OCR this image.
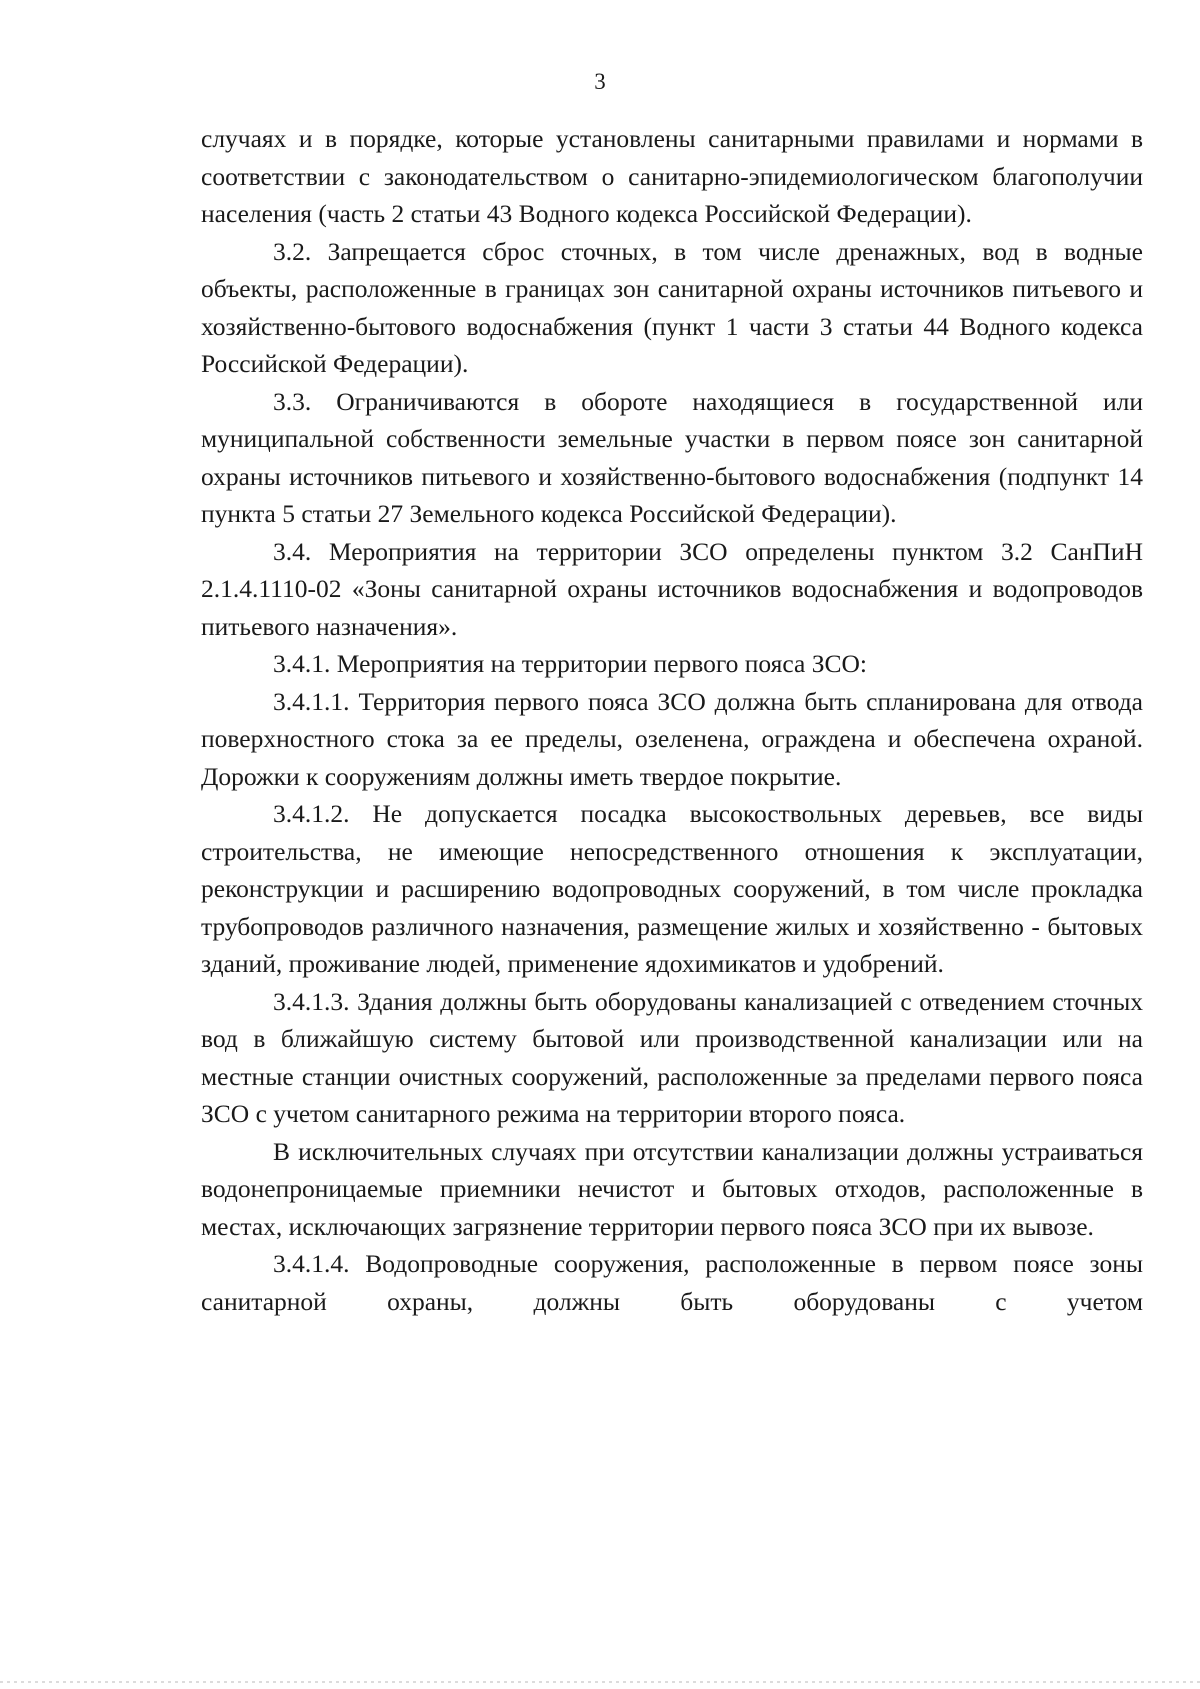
3

случаях и в порядке, которые установлены санитарными правилами и нормами в соответствии с законодательством о санитарно-эпидемиологическом благополучии населения (часть 2 статьи 43 Водного кодекса Российской Федерации).

3.2. Запрещается сброс сточных, в том числе дренажных, вод в водные объекты, расположенные в границах зон санитарной охраны источников питьевого и хозяйственно-бытового водоснабжения (пункт 1 части 3 статьи 44 Водного кодекса Российской Федерации).

3.3. Ограничиваются в обороте находящиеся в государственной или муниципальной собственности земельные участки в первом поясе зон санитарной охраны источников питьевого и хозяйственно-бытового водоснабжения (подпункт 14 пункта 5 статьи 27 Земельного кодекса Российской Федерации).

3.4. Мероприятия на территории ЗСО определены пунктом 3.2 СанПиН 2.1.4.1110-02 «Зоны санитарной охраны источников водоснабжения и водопроводов питьевого назначения».

3.4.1. Мероприятия на территории первого пояса ЗСО:

3.4.1.1. Территория первого пояса ЗСО должна быть спланирована для отвода поверхностного стока за ее пределы, озеленена, ограждена и обеспечена охраной. Дорожки к сооружениям должны иметь твердое покрытие.

3.4.1.2. Не допускается посадка высокоствольных деревьев, все виды строительства, не имеющие непосредственного отношения к эксплуатации, реконструкции и расширению водопроводных сооружений, в том числе прокладка трубопроводов различного назначения, размещение жилых и хозяйственно - бытовых зданий, проживание людей, применение ядохимикатов и удобрений.

3.4.1.3. Здания должны быть оборудованы канализацией с отведением сточных вод в ближайшую систему бытовой или производственной канализации или на местные станции очистных сооружений, расположенные за пределами первого пояса ЗСО с учетом санитарного режима на территории второго пояса.

В исключительных случаях при отсутствии канализации должны устраиваться водонепроницаемые приемники нечистот и бытовых отходов, расположенные в местах, исключающих загрязнение территории первого пояса ЗСО при их вывозе.

3.4.1.4. Водопроводные сооружения, расположенные в первом поясе зоны санитарной охраны, должны быть оборудованы с учетом
